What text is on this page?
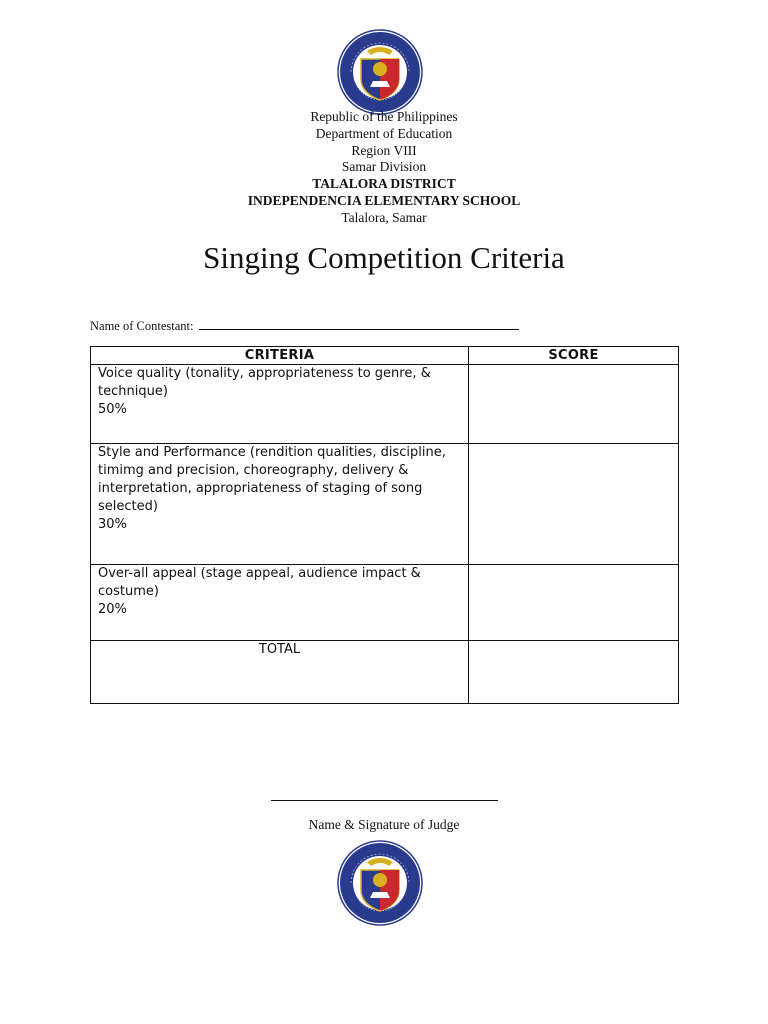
Republic of the Philippines
Department of Education
Region VIII
Samar Division
TALALORA DISTRICT
INDEPENDENCIA ELEMENTARY SCHOOL
Talalora, Samar
Singing Competition Criteria
Name of Contestant:
CRITERIA	SCORE

Voice quality (tonality, appropriateness to genre, & technique)
50%	

Style and Performance (rendition qualities, discipline, timimg and precision, choreography, delivery & interpretation, appropriateness of staging of song selected)
30%	

Over-all appeal (stage appeal, audience impact & costume)
20%	

TOTAL	
Name & Signature of Judge
